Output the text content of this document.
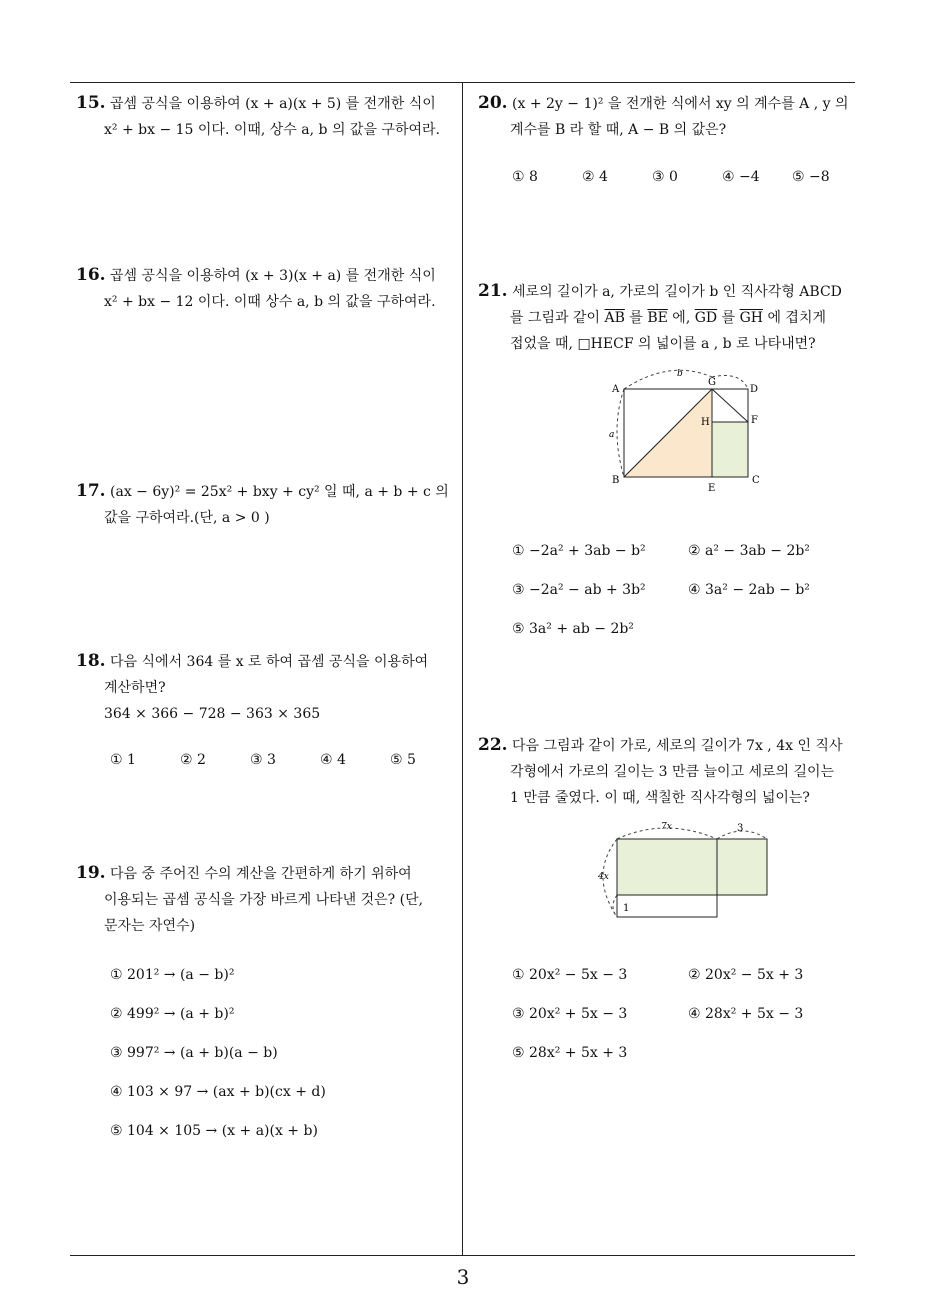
15. 곱셈 공식을 이용하여 (x + a)(x + 5) 를 전개한 식이
x² + bx − 15 이다. 이때, 상수 a, b 의 값을 구하여라.
16. 곱셈 공식을 이용하여 (x + 3)(x + a) 를 전개한 식이
x² + bx − 12 이다. 이때 상수 a, b 의 값을 구하여라.
17. (ax − 6y)² = 25x² + bxy + cy² 일 때, a + b + c 의
값을 구하여라.(단, a > 0 )
18. 다음 식에서 364 를 x 로 하여 곱셈 공식을 이용하여
계산하면?
364 × 366 − 728 − 363 × 365
① 1	② 2	③ 3	④ 4	⑤ 5
19. 다음 중 주어진 수의 계산을 간편하게 하기 위하여
이용되는 곱셈 공식을 가장 바르게 나타낸 것은? (단,
문자는 자연수)
① 201² → (a − b)²
② 499² → (a + b)²
③ 997² → (a + b)(a − b)
④ 103 × 97 → (ax + b)(cx + d)
⑤ 104 × 105 → (x + a)(x + b)
20. (x + 2y − 1)² 을 전개한 식에서 xy 의 계수를 A , y 의
계수를 B 라 할 때, A − B 의 값은?
① 8	② 4	③ 0	④ −4 ⑤ −8
21. 세로의 길이가 a, 가로의 길이가 b 인 직사각형 ABCD
를 그림과 같이 $\overline{AB}$ 를 $\overline{BE}$ 에, $\overline{GD}$ 를 $\overline{GH}$ 에 겹치게
접었을 때, □HECF 의 넓이를 a , b 로 나타내면?
A
B	C
D
E
F
G
H
a
b
① −2a² + 3ab − b²	② a² − 3ab − 2b²
③ −2a² − ab + 3b²	④ 3a² − 2ab − b²
⑤ 3a² + ab − 2b²
22. 다음 그림과 같이 가로, 세로의 길이가 7x , 4x 인 직사
각형에서 가로의 길이는 3 만큼 늘이고 세로의 길이는
1 만큼 줄였다. 이 때, 색칠한 직사각형의 넓이는?
7x	3
4x
1
① 20x² − 5x − 3	② 20x² − 5x + 3
③ 20x² + 5x − 3	④ 28x² + 5x − 3
⑤ 28x² + 5x + 3
3
